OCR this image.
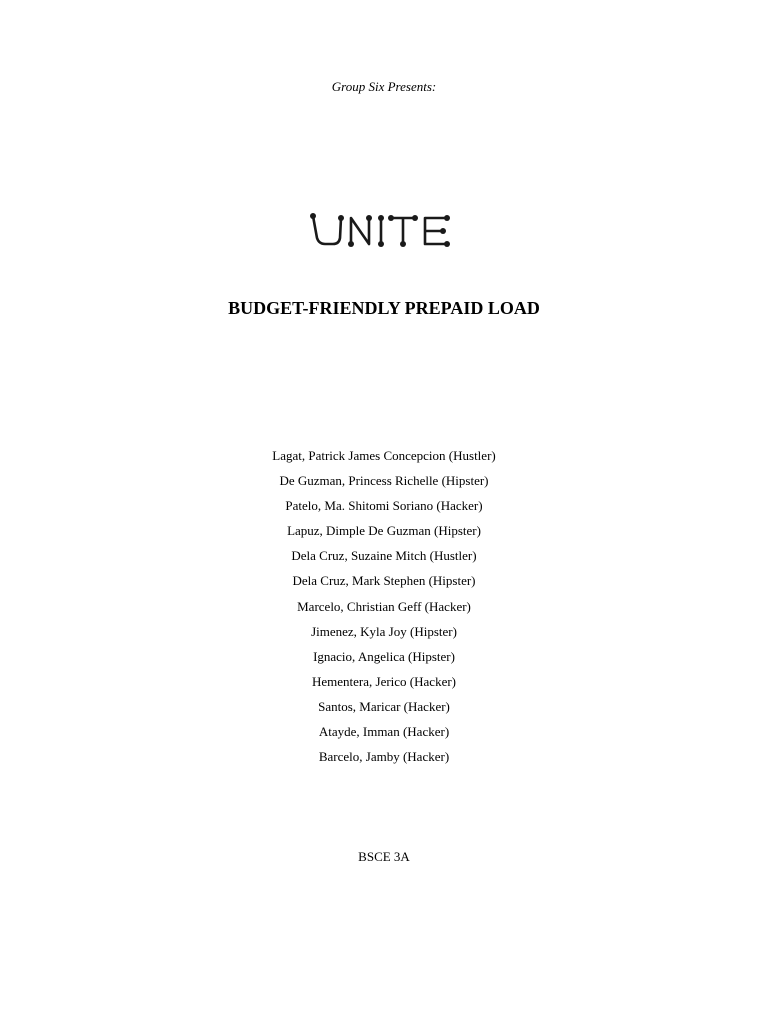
Group Six Presents:
BUDGET-FRIENDLY PREPAID LOAD
Lagat, Patrick James Concepcion (Hustler)
De Guzman, Princess Richelle (Hipster)
Patelo, Ma. Shitomi Soriano (Hacker)
Lapuz, Dimple De Guzman (Hipster)
Dela Cruz, Suzaine Mitch (Hustler)
Dela Cruz, Mark Stephen (Hipster)
Marcelo, Christian Geff (Hacker)
Jimenez, Kyla Joy (Hipster)
Ignacio, Angelica (Hipster)
Hementera, Jerico (Hacker)
Santos, Maricar (Hacker)
Atayde, Imman (Hacker)
Barcelo, Jamby (Hacker)
BSCE 3A
